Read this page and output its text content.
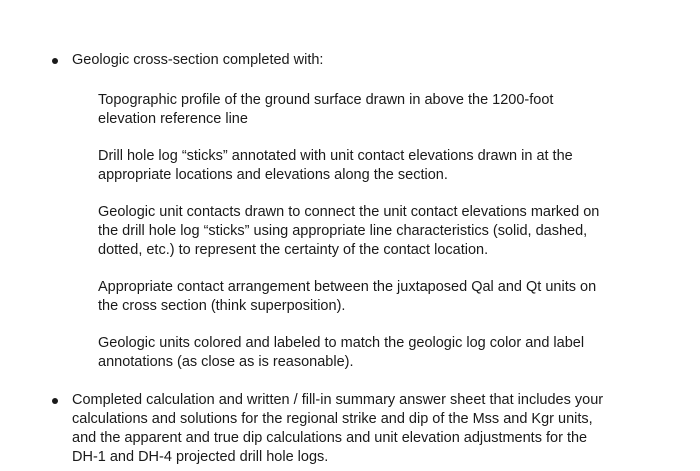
Geologic cross-section completed with:
Topographic profile of the ground surface drawn in above the 1200-foot
elevation reference line
Drill hole log “sticks” annotated with unit contact elevations drawn in at the
appropriate locations and elevations along the section.
Geologic unit contacts drawn to connect the unit contact elevations marked on
the drill hole log “sticks” using appropriate line characteristics (solid, dashed,
dotted, etc.) to represent the certainty of the contact location.
Appropriate contact arrangement between the juxtaposed Qal and Qt units on
the cross section (think superposition).
Geologic units colored and labeled to match the geologic log color and label
annotations (as close as is reasonable).
Completed calculation and written / fill-in summary answer sheet that includes your
calculations and solutions for the regional strike and dip of the Mss and Kgr units,
and the apparent and true dip calculations and unit elevation adjustments for the
DH-1 and DH-4 projected drill hole logs.
